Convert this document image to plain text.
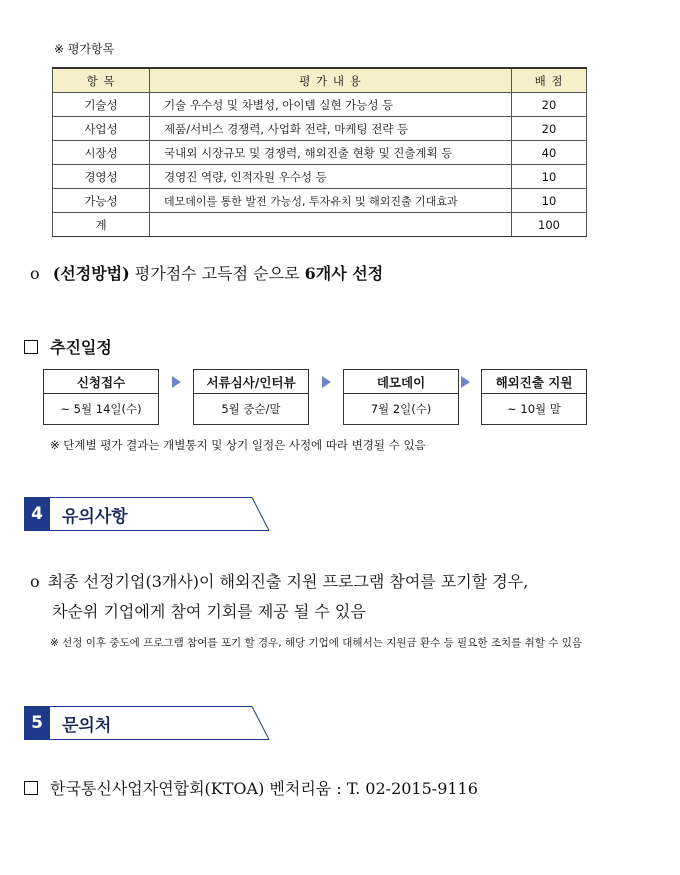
※ 평가항목
항 목	평 가 내 용	배 점
기술성	기술 우수성 및 차별성, 아이템 실현 가능성 등	20
사업성	제품/서비스 경쟁력, 사업화 전략, 마케팅 전략 등	20
시장성	국내외 시장규모 및 경쟁력, 해외진출 현황 및 진출계획 등	40
경영성	경영진 역량, 인적자원 우수성 등	10
가능성	데모데이를 통한 발전 가능성, 투자유치 및 해외진출 기대효과	10
계		100
o (선정방법) 평가점수 고득점 순으로 6개사 선정
추진일정
신청접수
~ 5월 14일(수)
서류심사/인터뷰
5월 중순/말
데모데이
7월 2일(수)
해외진출 지원
~ 10월 말
※ 단계별 평가 결과는 개별통지 및 상기 일정은 사정에 따라 변경될 수 있음
4	유의사항
o 최종 선정기업(3개사)이 해외진출 지원 프로그램 참여를 포기할 경우,
차순위 기업에게 참여 기회를 제공 될 수 있음
※ 선정 이후 중도에 프로그램 참여를 포기 할 경우, 해당 기업에 대해서는 지원금 환수 등 필요한 조치를 취할 수 있음
5	문의처
한국통신사업자연합회(KTOA) 벤처리움 : T. 02-2015-9116
